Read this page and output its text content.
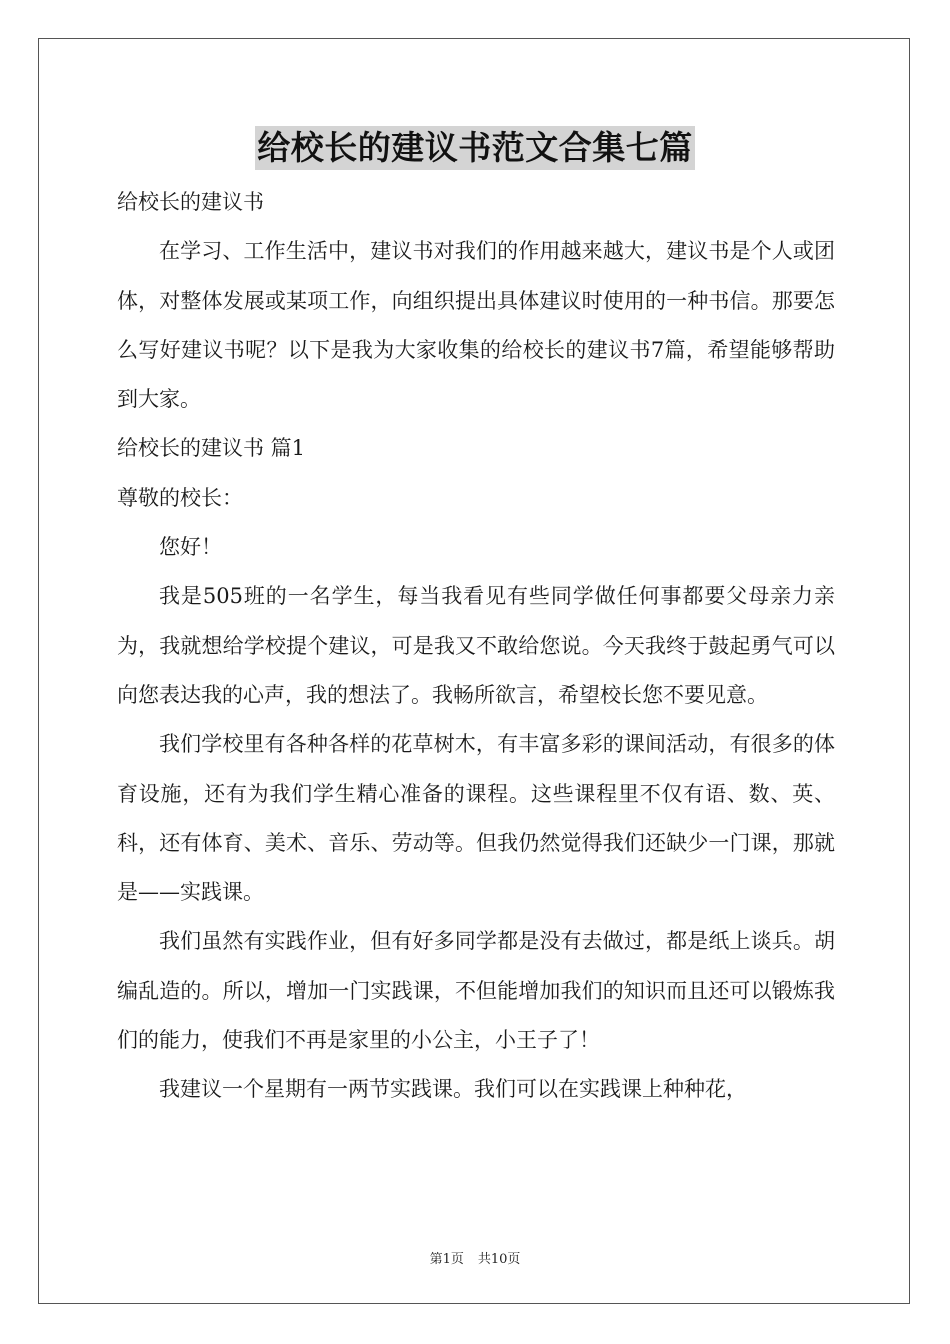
给校长的建议书范文合集七篇

给校长的建议书

在学习、工作生活中，建议书对我们的作用越来越大，建议书是个人或团体，对整体发展或某项工作，向组织提出具体建议时使用的一种书信。那要怎么写好建议书呢？以下是我为大家收集的给校长的建议书7篇，希望能够帮助到大家。

给校长的建议书 篇1

尊敬的校长：

您好！

我是505班的一名学生，每当我看见有些同学做任何事都要父母亲力亲为，我就想给学校提个建议，可是我又不敢给您说。今天我终于鼓起勇气可以向您表达我的心声，我的想法了。我畅所欲言，希望校长您不要见意。

我们学校里有各种各样的花草树木，有丰富多彩的课间活动，有很多的体育设施，还有为我们学生精心准备的课程。这些课程里不仅有语、数、英、科，还有体育、美术、音乐、劳动等。但我仍然觉得我们还缺少一门课，那就是——实践课。

我们虽然有实践作业，但有好多同学都是没有去做过，都是纸上谈兵。胡编乱造的。所以，增加一门实践课，不但能增加我们的知识而且还可以锻炼我们的能力，使我们不再是家里的小公主，小王子了！

我建议一个星期有一两节实践课。我们可以在实践课上种种花，

第1页 共10页
